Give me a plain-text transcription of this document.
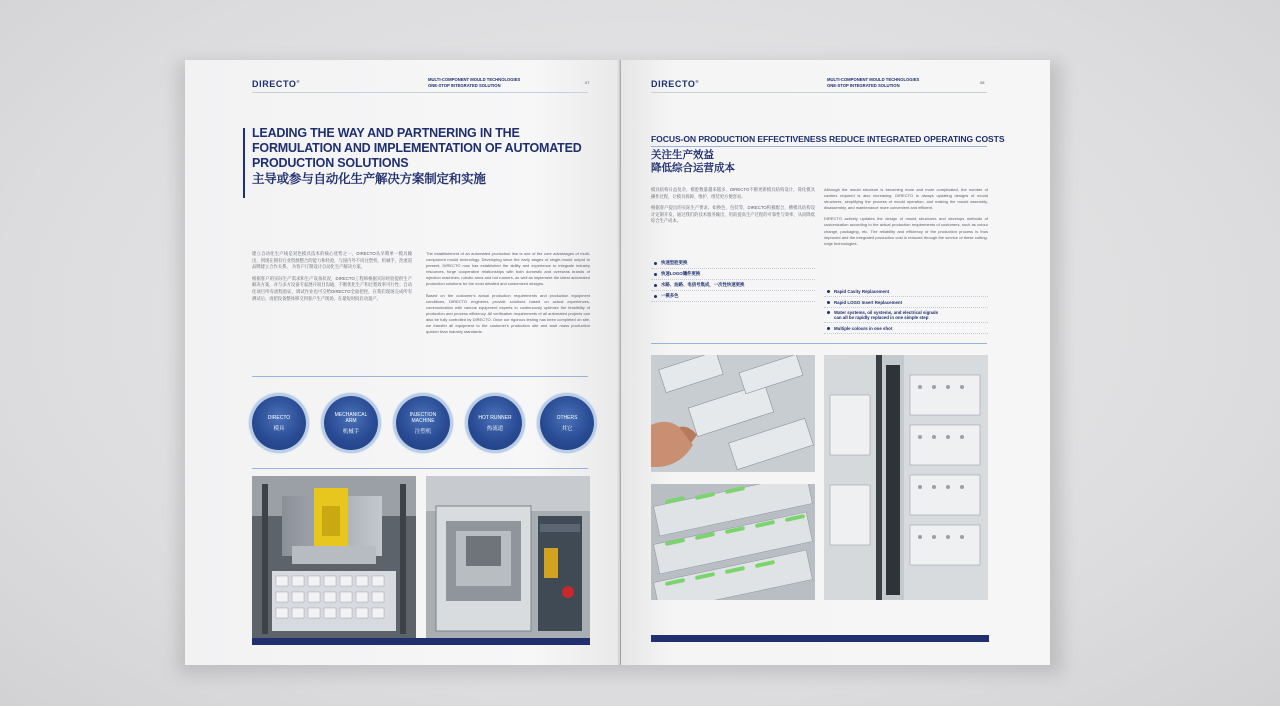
DIRECTO®	MULTI-COMPONENT MOULD TECHNOLOGIES
ONE-STOP INTEGRATED SOLUTION	07
LEADING THE WAY AND PARTNERING IN THE
FORMULATION AND IMPLEMENTATION OF AUTOMATED
PRODUCTION SOLUTIONS
主导或参与自动化生产解决方案制定和实施

建立自动化生产线是双色模具技术的核心优势之一，DIRECTO从早期单一模具输出，到现在拥有行业资源整合的能力和经验，与国内外不同注塑机、机械手、热流道品牌建立合作关系。 为客户订制设计自动化生产解决方案。

根据客户的实际生产需求和生产设备状况，DIRECTO工程师根据实际经验提供生产解决方案，并与多方设备专家展开项目沟通，不断优化生产和过程效率可行性；自动化项目所有流程验证，调试作业也可交给DIRECTO全面把控，在我们现场完成所有测试后，再把设备整体移交到客户生产现场，在最短时间启动量产。

The establishment of an automated production line is one of the core advantages of multi-component mould technology. Developing since the early stages of single-mould output to present, DIRECTO now has established the ability and experience to integrate industry resources, forge cooperative relationships with both domestic and overseas brands of injection machines, robotic arms and hot runners, as well as implement the latest automated production solutions for the most detailed and customized designs.

Based on the customer's actual production requirements and production equipment conditions, DIRECTO engineers provide solutions based on actual experiences, communication with various equipment experts to continuously optimize the feasibility of production and process efficiency. All verification requirements of all automated projects can also be fully controlled by DIRECTO. Once our rigorous testing has been completed on site, we transfer all equipment to the customer's production site and start mass production quicker than industry standards.

DIRECTO
模具
MECHANICAL ARM
机械手
INJECTION MACHINE
注塑机
HOT RUNNER
热流道
OTHERS
其它
DIRECTO®	MULTI-COMPONENT MOULD TECHNOLOGIES
ONE-STOP INTEGRATED SOLUTION	08
FOCUS-ON PRODUCTION EFFECTIVENESS REDUCE INTEGRATED OPERATING COSTS
关注生产效益
降低综合运营成本

模具结构日益复杂，模腔数量越来越多，DIRECTO不断更新模具结构设计，简化模具操作过程，让模具拆卸、维护、组装更方便容易。

根据客户提出的实际生产要求，如换色、包装等，DIRECTO积极配合，横模具结构设计定制开发，通过我们的技术服务输出，用前提高生产过程的可靠性与效率，从而降低综合生产成本。

Although the mould structure is becoming more and more complicated, the number of cavities required is also increasing. DIRECTO is always updating designs of mould structures, simplifying the process of mould operation, and making the mould assembly, disassembly, and maintenance more convenient and efficient.

DIRECTO actively updates the design of mould structures and develops methods of customization according to the actual production requirements of customers, such as colour change, packaging, etc. The reliability and efficiency of the production process is thus improved and the integrated production cost is reduced through the service of these cutting-edge technologies.

快速型腔更换
快速LOGO镶件更换
水路、油路、电信号集成，一次性快速更换
一模多色
Rapid Cavity Replacement
Rapid LOGO Insert Replacement
Water systems, oil systems, and electrical signals
can all be rapidly replaced in one simple step
Multiple colours in one shot
